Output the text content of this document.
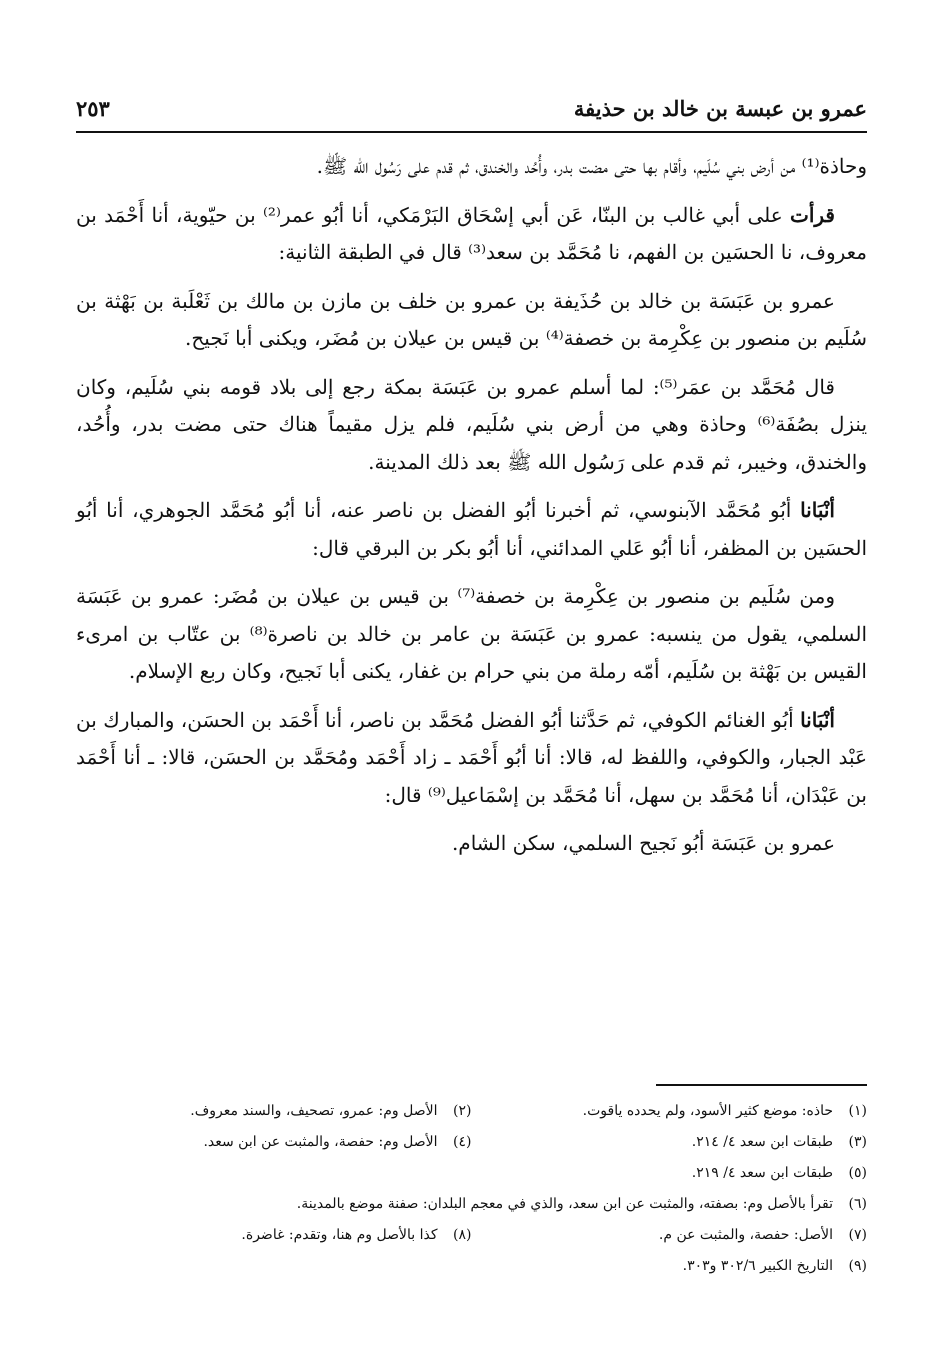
عمرو بن عبسة بن خالد بن حذيفة
٢٥٣

وحاذة⁽¹⁾ من أرض بني سُلَيم، وأقام بها حتى مضت بدر، وأُحُد والخندق، ثم قدم على رَسُول الله ﷺ.

قرأت على أبي غالب بن البنّا، عَن أبي إسْحَاق البَرْمَكي، أنا أبُو عمر⁽²⁾ بن حيّوية، أنا أَحْمَد بن معروف، نا الحسَين بن الفهم، نا مُحَمَّد بن سعد⁽³⁾ قال في الطبقة الثانية:

عمرو بن عَبَسَة بن خالد بن حُذَيفة بن عمرو بن خلف بن مازن بن مالك بن ثَعْلَبة بن بَهْثة بن سُلَيم بن منصور بن عِكْرِمة بن خصفة⁽⁴⁾ بن قيس بن عيلان بن مُضَر، ويكنى أبا نَجيح.

قال مُحَمَّد بن عمَر⁽⁵⁾: لما أسلم عمرو بن عَبَسَة بمكة رجع إلى بلاد قومه بني سُلَيم، وكان ينزل بصُفَة⁽⁶⁾ وحاذة وهي من أرض بني سُلَيم، فلم يزل مقيماً هناك حتى مضت بدر، وأُحُد، والخندق، وخيبر، ثم قدم على رَسُول الله ﷺ بعد ذلك المدينة.

أنْبَانا أبُو مُحَمَّد الآبنوسي، ثم أخبرنا أبُو الفضل بن ناصر عنه، أنا أبُو مُحَمَّد الجوهري، أنا أبُو الحسَين بن المظفر، أنا أبُو عَلي المدائني، أنا أبُو بكر بن البرقي قال:

ومن سُلَيم بن منصور بن عِكْرِمة بن خصفة⁽⁷⁾ بن قيس بن عيلان بن مُضَر: عمرو بن عَبَسَة السلمي، يقول من ينسبه: عمرو بن عَبَسَة بن عامر بن خالد بن ناصرة⁽⁸⁾ بن عتّاب بن امرىء القيس بن بَهْثة بن سُلَيم، أمّه رملة من بني حرام بن غفار، يكنى أبا نَجيح، وكان ربع الإسلام.

أنْبَانا أبُو الغنائم الكوفي، ثم حَدَّثنا أبُو الفضل مُحَمَّد بن ناصر، أنا أَحْمَد بن الحسَن، والمبارك بن عَبْد الجبار، والكوفي، واللفظ له، قالا: أنا أبُو أَحْمَد ـ زاد أَحْمَد ومُحَمَّد بن الحسَن، قالا: ـ أنا أَحْمَد بن عَبْدَان، أنا مُحَمَّد بن سهل، أنا مُحَمَّد بن إسْمَاعيل⁽⁹⁾ قال:

عمرو بن عَبَسَة أبُو نَجيح السلمي، سكن الشام.

(١)حاذه: موضع كثير الأسود، ولم يحدده ياقوت.
(٢)الأصل وم: عمرو، تصحيف، والسند معروف.
(٣)طبقات ابن سعد ٤/ ٢١٤.
(٤)الأصل وم: حفصة، والمثبت عن ابن سعد.
(٥)طبقات ابن سعد ٤/ ٢١٩.
(٦)تقرأ بالأصل وم: بصفته، والمثبت عن ابن سعد، والذي في معجم البلدان: صفنة موضع بالمدينة.
(٧)الأصل: حفصة، والمثبت عن م.
(٨)كذا بالأصل وم هنا، وتقدم: غاضرة.
(٩)التاريخ الكبير ٣٠٢/٦ و٣٠٣.
